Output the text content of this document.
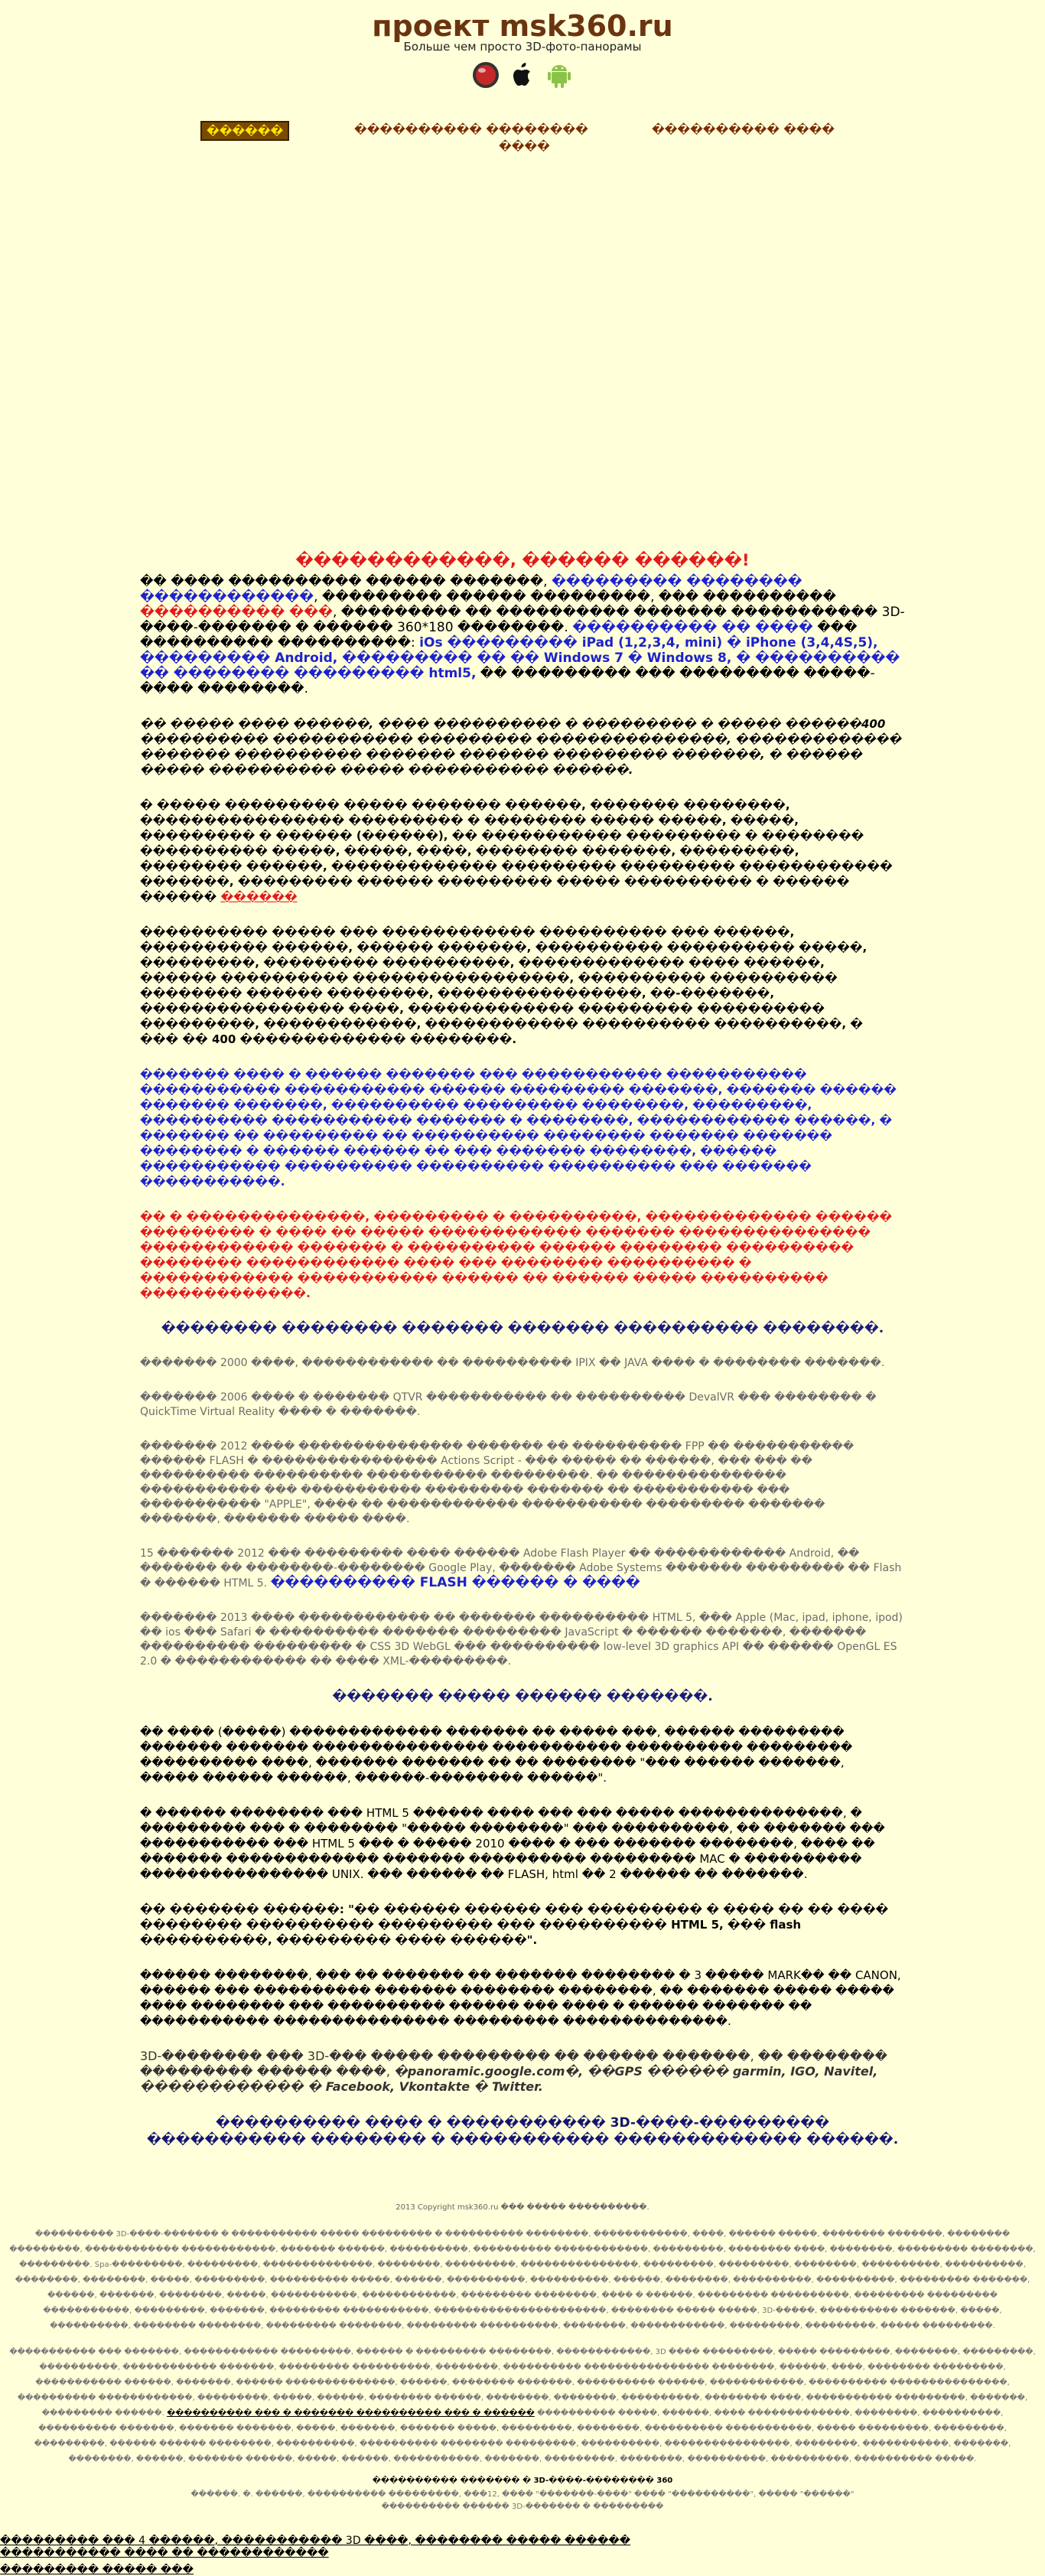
проект msk360.ru
Больше чем просто 3D-фото-панорамы
������	���������� ��������	���������� ����
����
������������, ������ ������!

�� ���� ���������� ������ �������, ��������� �������� ������������, ��������� ������ ���������, ��� ���������� ���������� ���, ��������� �� ���������� ������� ����������� 3D-����-������� � ������ 360*180 ��������. ���������� �� ���� ��� ���������� ����������: iOs ��������� iPad (1,2,3,4, mini) � iPhone (3,4,4S,5), ��������� Android, ��������� �� �� Windows 7 � Windows 8, � ���������� �� �������� ��������� html5, �� ��������� ��� ��������� �����-���� ��������.

�� ����� ���� ������, ���� ���������� � ��������� � ����� ������400 ���������� ����������� ��������� ���������������, ������������� ������� ���������� ������� ������� ��������� �������, � ������ ����� ���������� ����� ����������� ������.

� ����� ��������� ����� ������� ������, ������� ��������, ���������������� ��������� � �������� ����� �����, �����, ��������� � ������ (������), �� ����������� ��������� � �������� ���������� �����, �����, ����, �������� �������, ���������, �������� ������, ������������� ��������� ��������� ������������ �������, ��������� ������ ��������� ����� ���������� � ������ ������ ������

���������� ����� ��� ������������ ���������� ��� ������, ���������� ������, ������ �������, ���������� ���������� �����, ���������, ��������� ����������, ������������� ���� ������, ������ ���������� �����������������, ���������� ���������� �������� ������ ��������, ����������������, ��-�������, ���������������� ����, ������������� ��������� ���������� ���������, ������������, ������������ ���������� ����������, � ��� �� 400 ������������� ��������.

������� ���� � ������ ������� ��� ����������� ����������� ����������� ����������� ������ ��������� �������, ������� ������ ������� �������, ���������� ��������� ��������, ���������, ���������� ����������� ������� � ��������, ������������ ������, � ������� �� ��������� �� ���������� �������� ������� ������� �������� � ������ ������ �� ��� ������� ��������, ������ ����������� ���������� ���������� ���������� ��� ������� �����������.

�� � ��������������, ��������� � ����������, ������������� ������ ��������� � ���� �� ����� ������������ ������� ��������������� ������������ ������� � ���������� ������ �������� ���������� �������� ������������ ���� ��� �������� ���������� � ������������ ����������� ������ �� ������ ����� ���������� �������������.

�������� �������� ������� ������� ���������� ��������.

������� 2000 ����, ������������ �� ���������� IPIX �� JAVA ���� � �������� �������.

������� 2006 ���� � ������� QTVR ����������� �� ���������� DevalVR ��� �������� � QuickTime Virtual Reality ���� � �������.

������� 2012 ���� ��������������� ������� �� ���������� FPP �� ����������� ������ FLASH � ���������������� Actions Script - ��� ����� �� ������, ��� ��� �� ���������� ���������� ����������� ���������. �� ��������������� ����������� ��� ����������� ��������� ������� �� ����������� ��� ����������� "APPLE", ���� �� ������������ ����������� ��������� ������� �������, ������� ����� ����.

15 ������� 2012 ��� ��������� ���� ������ Adobe Flash Player �� ������������ Android, �� ������� �� ��������-�������� Google Play, ������� Adobe Systems ������� ��������� �� Flash � ������ HTML 5. ���������� FLASH ������ � ����

������� 2013 ���� ������������ �� ������� ���������� HTML 5, ��� Apple (Mac, ipad, iphone, ipod) �� ios ��� Safari � ���������� ������� ��������� JavaScript � ������ �������, ������� ���������� ��������� � CSS 3D WebGL ��� ���������� low-level 3D graphics API �� ������ OpenGL ES 2.0 � ������������ �� ���� XML-���������.

������� ����� ������ �������.

�� ���� (�����) ������������� ������� �� ����� ���, ������ ��������� ������� ������� ��������������� ����������� ���������� ��������� ���������� ����, ������� ������� �� �� �������� "��� ������ �������, ����� ������ ������, ������-�������� ������".

� ������ �������� ��� HTML 5 ������ ���� ��� ��� ����� ��������������, � ��������� ��� � �������� "����� ��������" ��� ����������, �� ������� ��� ����������� ��� HTML 5 ��� � ����� 2010 ���� � ��� ������� ��������, ���� �� ������� ������������� ������� ���������� ��������� MAC � ���������� ���������������� UNIX. ��� ������ �� FLASH, html �� 2 ������ �� �������.

�� ������� ������: "�� ������ ������ ��� ��������� � ���� �� �� ���� �������� ���������� ��������� ��� ���������� HTML 5, ��� flash ����������, ��������� ���� ������".

������ ��������, ��� �� ������� �� ������� �������� � 3 ����� MARK�� �� CANON, ������ ��� ���������� ������� �������� ��������, �� ������� ����� ����� ���� �������� ��� ���������� ������ ��� ���� � ������ ������� �� ����������� ��������������� ��������� ��������������.

3D-�������� ��� 3D-��� ����� ��������� �� ������ �������, �� �������� ��������� ������ ����, �panoramic.google.com�, ��GPS ������ garmin, IGO, Navitel, ������������ � Facebook, Vkontakte � Twitter.

���������� ���� � ����������� 3D-����-��������� ����������� �������� � ����������� ������������� ������.
2013 Copyright msk360.ru ��� ����� ����������.
���������� 3D-����-������� � ����������� ����� ��������� � ���������� ��������, ������������, ����, ������ �����, �������� �������, �������� ���������, ������������ ������������, ������� ������, ����������, ���������� ������������, ���������, �������� ����, ��������, ��������� ��������, ���������. Spa-���������, ���������, ��������������, ��������, ���������, ���������������, ���������, ���������, ��������, ����������, ����������, ��������, ��������, �����, ���������, ���������� �����, ������, ����������, ����������, ������, ��������, ����������, ����������, ��������� �������, ������, �������, ��������, �����, �����������, ������������, ��������� ��������, ���� � ������, ��������� ����������, ��������� ��������� �����������, ���������, �������, ��������� �����������, ����������������������, �������� ����� �����, 3D-�����, ���������� �������, �����, ����������, �������� ��������, ��������� ��������, ��������� ����������, ��������, ������������, ���������, ���������, ����� ���������.
����������� ��� �������, ������������ ���������, ������ � ��������� ��������, ������������, 3D ���� ���������, ����� ���������, ��������, ���������, ����������, ������������ �������, ��������� ����������, ��������, ���������� ���������������� ��������, ������, ����, �������� ���������, ����������� ������, �������, ������ ��������������, ������, �������� �������, ���������� ������, ������������, ���������� ���������������, ���������� ������������, ���������, �����, ������, �������� ������, ��������, ��������, ����������, �������� ����, ����������� ���������, �������, ��������� ������. ���������� ��� � ������� ���������� ��� � ������ ���������� �����, ������, ���� �������������, ��������, ����������, ���������� �������, ������� �������, �����, �������, ������� �����, ���������, ��������, ���������� �����������, ����� ���������, ���������, ���������, ������ ������ ��������, ����������, ���������� �������� ���������, ����������, ����������������, ��������, �����������, �������, ��������, ������, ������� ������, �����, ������, �����������, �������, ���������, ��������, ����������, ����������, ���������� �����.
���������� ������� � 3D-����-�������� 360
������. �. ������, ���������� ���������, ���12, ���� "�������-����" ���� "����������", ����� "������"
���������� ������ 3D-������� � ���������
��������� ��� 4 ������, ����������� 3D ����, �������� ����� ������
����������� ���� �� ������������
��������� ����� ���
